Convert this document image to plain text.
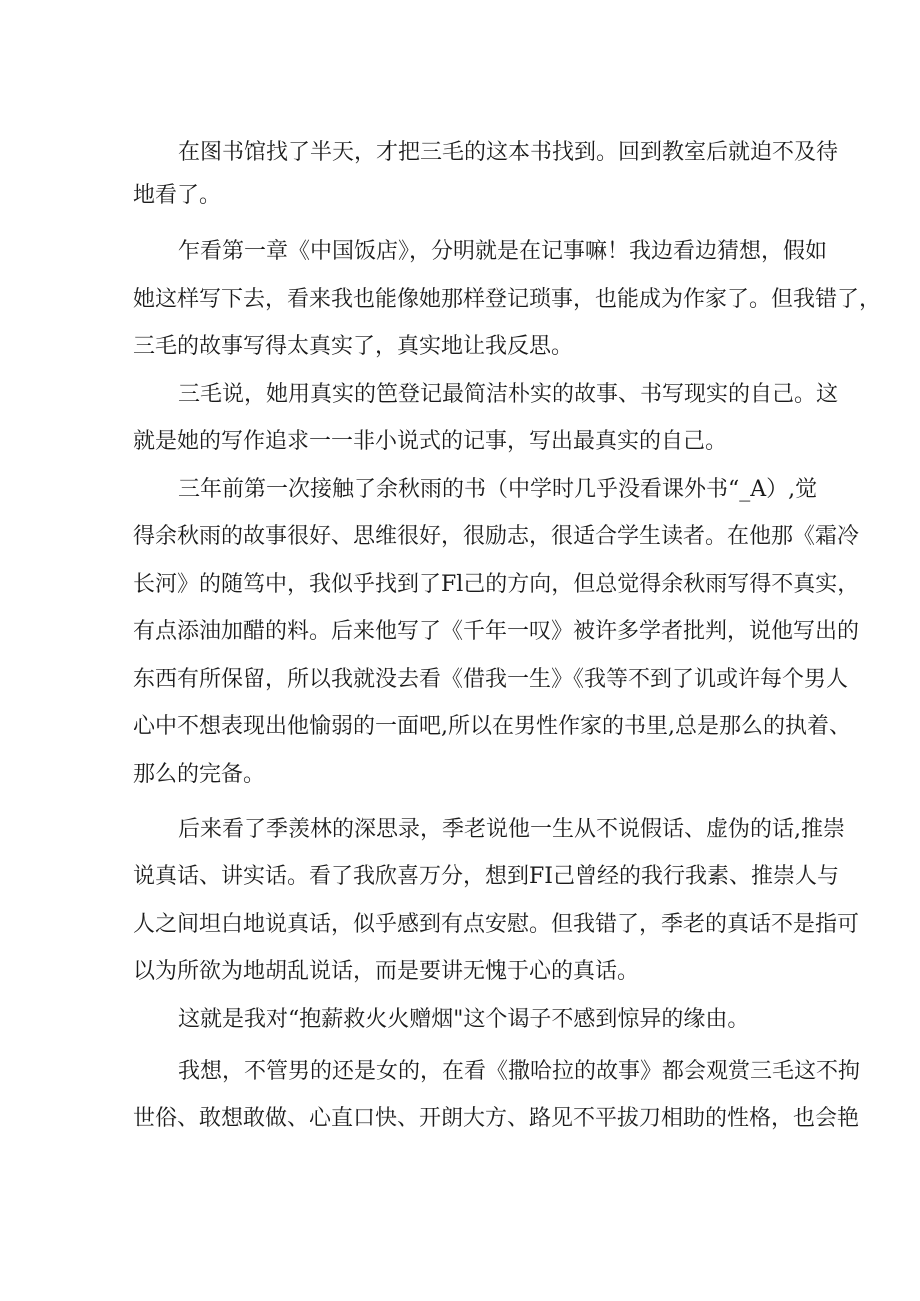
在图书馆找了半天，才把三毛的这本书找到。回到教室后就迫不及待
地看了。
乍看第一章《中国饭店》，分明就是在记事嘛！我边看边猜想，假如
她这样写下去，看来我也能像她那样登记琐事，也能成为作家了。但我错了，
三毛的故事写得太真实了，真实地让我反思。
三毛说，她用真实的笆登记最简洁朴实的故事、书写现实的自己。这
就是她的写作追求一一非小说式的记事，写出最真实的自己。
三年前第一次接触了余秋雨的书（中学时几乎没看课外书“_A）,觉
得余秋雨的故事很好、思维很好，很励志，很适合学生读者。在他那《霜冷
长河》的随笃中，我似乎找到了Fl己的方向，但总觉得余秋雨写得不真实，
有点添油加醋的料。后来他写了《千年一叹》被许多学者批判，说他写出的
东西有所保留，所以我就没去看《借我一生》《我等不到了讥或许每个男人
心中不想表现出他愉弱的一面吧,所以在男性作家的书里,总是那么的执着、
那么的完备。
后来看了季羡林的深思录，季老说他一生从不说假话、虚伪的话,推崇
说真话、讲实话。看了我欣喜万分，想到FI己曾经的我行我素、推崇人与
人之间坦白地说真话，似乎感到有点安慰。但我错了，季老的真话不是指可
以为所欲为地胡乱说话，而是要讲无愧于心的真话。
这就是我对“抱薪救火火赠烟"这个谒子不感到惊异的缘由。
我想，不管男的还是女的，在看《撒哈拉的故事》都会观赏三毛这不拘
世俗、敢想敢做、心直口快、开朗大方、路见不平拔刀相助的性格，也会艳
